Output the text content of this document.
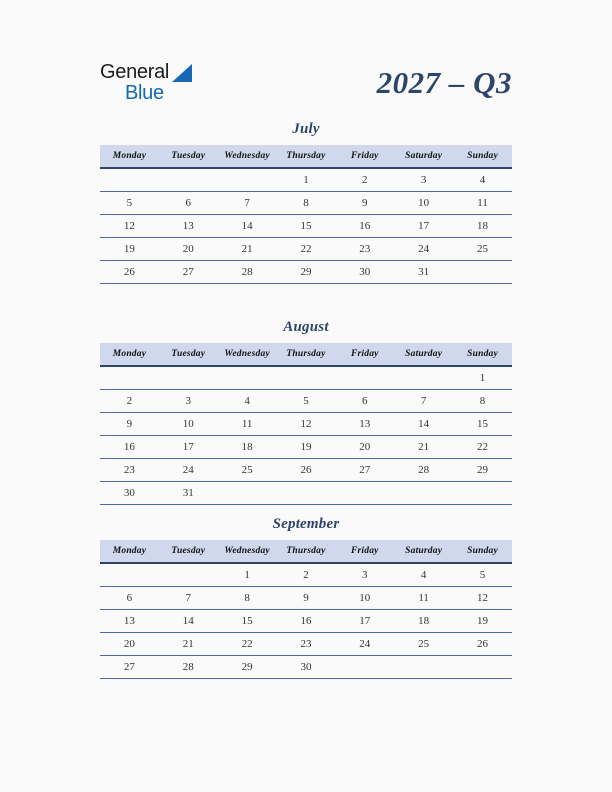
General
Blue	2027 – Q3
July
Monday	Tuesday	Wednesday	Thursday	Friday	Saturday	Sunday
			1	2	3	4
5	6	7	8	9	10	11
12	13	14	15	16	17	18
19	20	21	22	23	24	25
26	27	28	29	30	31	
August
Monday	Tuesday	Wednesday	Thursday	Friday	Saturday	Sunday
						1
2	3	4	5	6	7	8
9	10	11	12	13	14	15
16	17	18	19	20	21	22
23	24	25	26	27	28	29
30	31					
September
Monday	Tuesday	Wednesday	Thursday	Friday	Saturday	Sunday
		1	2	3	4	5
6	7	8	9	10	11	12
13	14	15	16	17	18	19
20	21	22	23	24	25	26
27	28	29	30			
